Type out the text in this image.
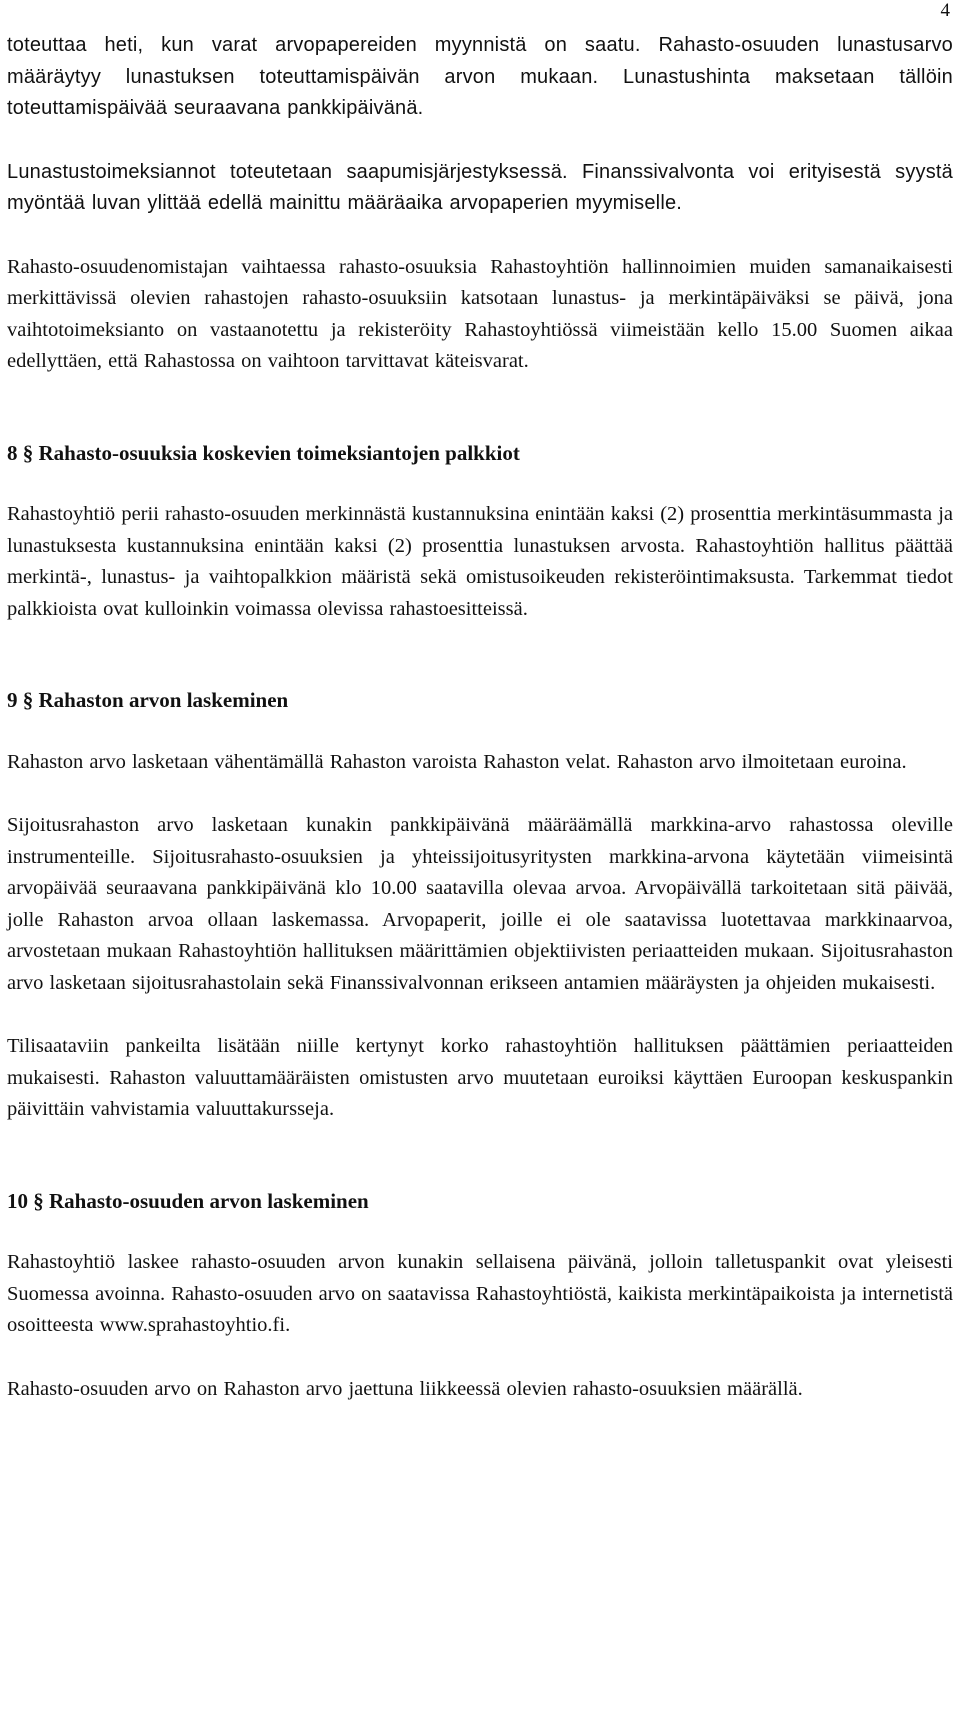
4

toteuttaa heti, kun varat arvopapereiden myynnistä on saatu. Rahasto-osuuden lunastusarvo määräytyy lunastuksen toteuttamispäivän arvon mukaan. Lunastushinta maksetaan tällöin toteuttamispäivää seuraavana pankkipäivänä.

Lunastustoimeksiannot toteutetaan saapumisjärjestyksessä. Finanssivalvonta voi erityisestä syystä myöntää luvan ylittää edellä mainittu määräaika arvopaperien myymiselle.

Rahasto-osuudenomistajan vaihtaessa rahasto-osuuksia Rahastoyhtiön hallinnoimien muiden samanaikaisesti merkittävissä olevien rahastojen rahasto-osuuksiin katsotaan lunastus- ja merkintäpäiväksi se päivä, jona vaihtotoimeksianto on vastaanotettu ja rekisteröity Rahastoyhtiössä viimeistään kello 15.00 Suomen aikaa edellyttäen, että Rahastossa on vaihtoon tarvittavat käteisvarat.

8 § Rahasto-osuuksia koskevien toimeksiantojen palkkiot

Rahastoyhtiö perii rahasto-osuuden merkinnästä kustannuksina enintään kaksi (2) prosenttia merkintäsummasta ja lunastuksesta kustannuksina enintään kaksi (2) prosenttia lunastuksen arvosta. Rahastoyhtiön hallitus päättää merkintä-, lunastus- ja vaihtopalkkion määristä sekä omistusoikeuden rekisteröintimaksusta. Tarkemmat tiedot palkkioista ovat kulloinkin voimassa olevissa rahastoesitteissä.

9 § Rahaston arvon laskeminen

Rahaston arvo lasketaan vähentämällä Rahaston varoista Rahaston velat. Rahaston arvo ilmoitetaan euroina.

Sijoitusrahaston arvo lasketaan kunakin pankkipäivänä määräämällä markkina-arvo rahastossa oleville instrumenteille. Sijoitusrahasto-osuuksien ja yhteissijoitusyritysten markkina-arvona käytetään viimeisintä arvopäivää seuraavana pankkipäivänä klo 10.00 saatavilla olevaa arvoa. Arvopäivällä tarkoitetaan sitä päivää, jolle Rahaston arvoa ollaan laskemassa. Arvopaperit, joille ei ole saatavissa luotettavaa markkinaarvoa, arvostetaan mukaan Rahastoyhtiön hallituksen määrittämien objektiivisten periaatteiden mukaan. Sijoitusrahaston arvo lasketaan sijoitusrahastolain sekä Finanssivalvonnan erikseen antamien määräysten ja ohjeiden mukaisesti.

Tilisaataviin pankeilta lisätään niille kertynyt korko rahastoyhtiön hallituksen päättämien periaatteiden mukaisesti. Rahaston valuuttamääräisten omistusten arvo muutetaan euroiksi käyttäen Euroopan keskuspankin päivittäin vahvistamia valuuttakursseja.

10 § Rahasto-osuuden arvon laskeminen

Rahastoyhtiö laskee rahasto-osuuden arvon kunakin sellaisena päivänä, jolloin talletuspankit ovat yleisesti Suomessa avoinna. Rahasto-osuuden arvo on saatavissa Rahastoyhtiöstä, kaikista merkintäpaikoista ja internetistä osoitteesta www.sprahastoyhtio.fi.

Rahasto-osuuden arvo on Rahaston arvo jaettuna liikkeessä olevien rahasto-osuuksien määrällä.
